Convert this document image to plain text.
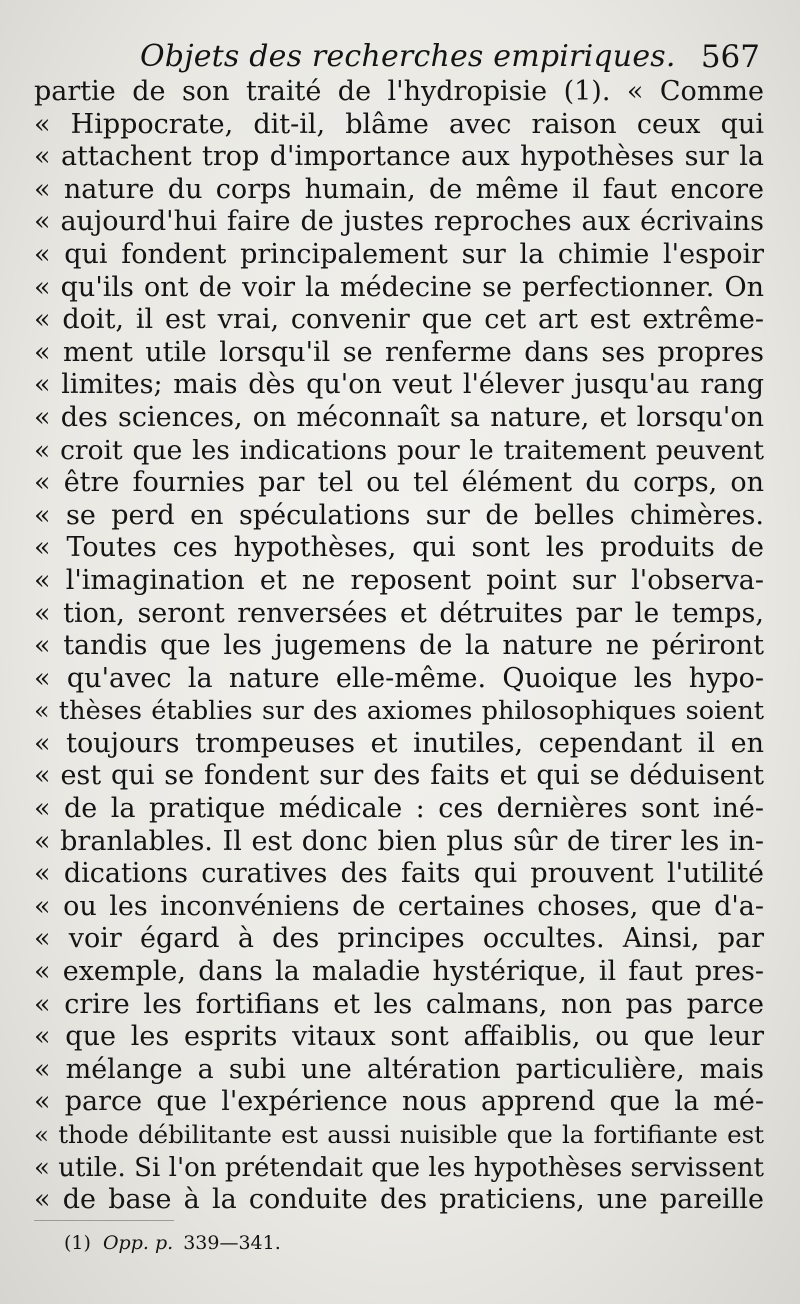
Objets des recherches empiriques. 567
partie de son traité de l'hydropisie (1). « Comme
« Hippocrate, dit-il, blâme avec raison ceux qui
« attachent trop d'importance aux hypothèses sur la
« nature du corps humain, de même il faut encore
« aujourd'hui faire de justes reproches aux écrivains
« qui fondent principalement sur la chimie l'espoir
« qu'ils ont de voir la médecine se perfectionner. On
« doit, il est vrai, convenir que cet art est extrême-
« ment utile lorsqu'il se renferme dans ses propres
« limites; mais dès qu'on veut l'élever jusqu'au rang
« des sciences, on méconnaît sa nature, et lorsqu'on
« croit que les indications pour le traitement peuvent
« être fournies par tel ou tel élément du corps, on
« se perd en spéculations sur de belles chimères.
« Toutes ces hypothèses, qui sont les produits de
« l'imagination et ne reposent point sur l'observa-
« tion, seront renversées et détruites par le temps,
« tandis que les jugemens de la nature ne périront
« qu'avec la nature elle-même. Quoique les hypo-
« thèses établies sur des axiomes philosophiques soient
« toujours trompeuses et inutiles, cependant il en
« est qui se fondent sur des faits et qui se déduisent
« de la pratique médicale : ces dernières sont iné-
« branlables. Il est donc bien plus sûr de tirer les in-
« dications curatives des faits qui prouvent l'utilité
« ou les inconvéniens de certaines choses, que d'a-
« voir égard à des principes occultes. Ainsi, par
« exemple, dans la maladie hystérique, il faut pres-
« crire les fortifians et les calmans, non pas parce
« que les esprits vitaux sont affaiblis, ou que leur
« mélange a subi une altération particulière, mais
« parce que l'expérience nous apprend que la mé-
« thode débilitante est aussi nuisible que la fortifiante est
« utile. Si l'on prétendait que les hypothèses servissent
« de base à la conduite des praticiens, une pareille
(1) Opp. p. 339—341.
